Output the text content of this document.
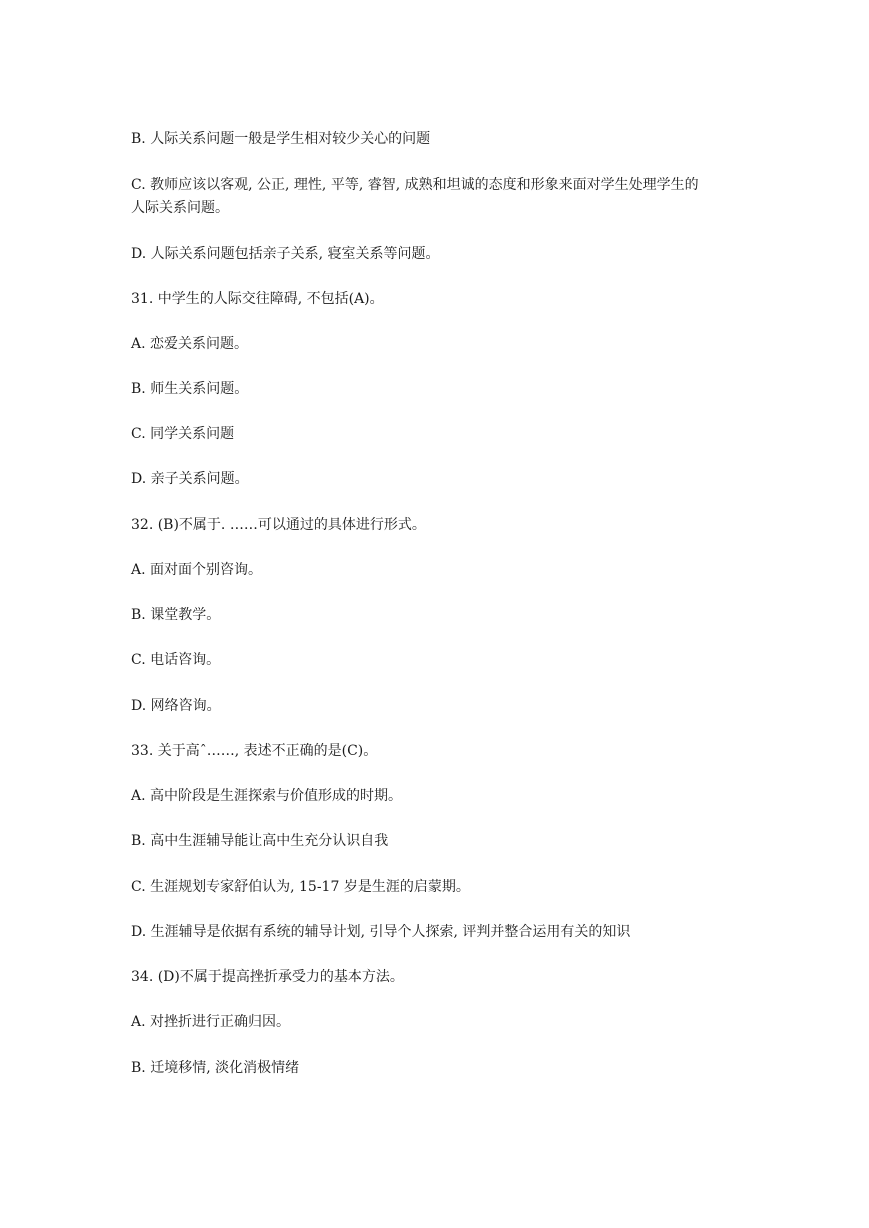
B. 人际关系问题一般是学生相对较少关心的问题
C. 教师应该以客观, 公正, 理性, 平等, 睿智, 成熟和坦诚的态度和形象来面对学生处理学生的
人际关系问题。
D. 人际关系问题包括亲子关系, 寝室关系等问题。
31. 中学生的人际交往障碍, 不包括(A)。
A. 恋爱关系问题。
B. 师生关系问题。
C. 同学关系问题
D. 亲子关系问题。
32. (B)不属于. ……可以通过的具体进行形式。
A. 面对面个别咨询。
B. 课堂教学。
C. 电话咨询。
D. 网络咨询。
33. 关于高ˆ……, 表述不正确的是(C)。
A. 高中阶段是生涯探索与价值形成的时期。
B. 高中生涯辅导能让高中生充分认识自我
C. 生涯规划专家舒伯认为, 15-17 岁是生涯的启蒙期。
D. 生涯辅导是依据有系统的辅导计划, 引导个人探索, 评判并整合运用有关的知识
34. (D)不属于提高挫折承受力的基本方法。
A. 对挫折进行正确归因。
B. 迁境移情, 淡化消极情绪
